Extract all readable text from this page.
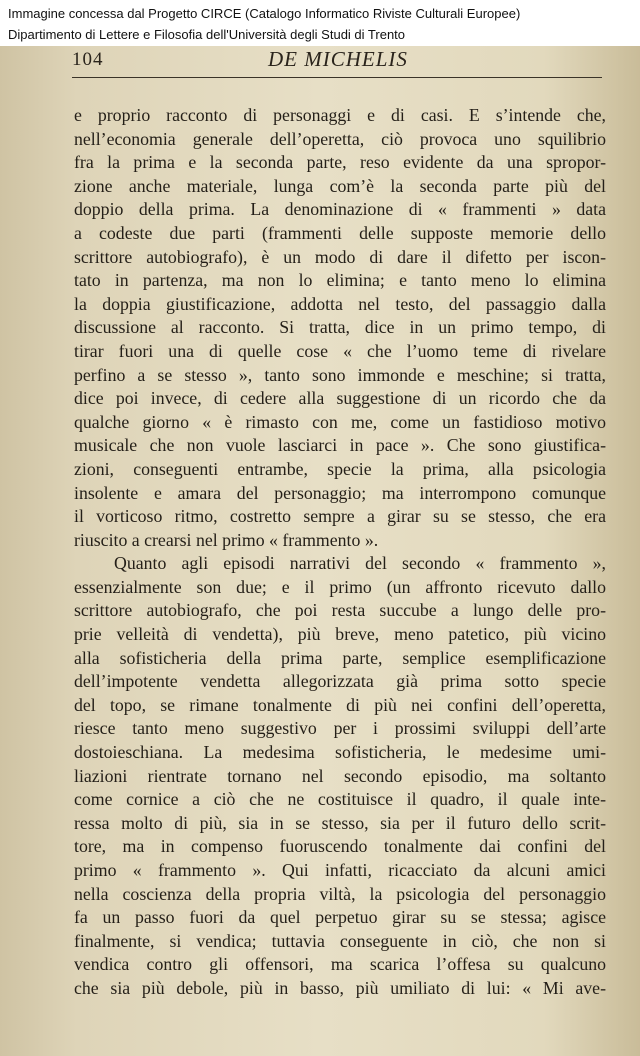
Immagine concessa dal Progetto CIRCE (Catalogo Informatico Riviste Culturali Europee)
Dipartimento di Lettere e Filosofia dell'Università degli Studi di Trento
104	DE MICHELIS
e proprio racconto di personaggi e di casi. E s’intende che,
nell’economia generale dell’operetta, ciò provoca uno squilibrio
fra la prima e la seconda parte, reso evidente da una spropor-
zione anche materiale, lunga com’è la seconda parte più del
doppio della prima. La denominazione di « frammenti » data
a codeste due parti (frammenti delle supposte memorie dello
scrittore autobiografo), è un modo di dare il difetto per iscon-
tato in partenza, ma non lo elimina; e tanto meno lo elimina
la doppia giustificazione, addotta nel testo, del passaggio dalla
discussione al racconto. Si tratta, dice in un primo tempo, di
tirar fuori una di quelle cose « che l’uomo teme di rivelare
perfino a se stesso », tanto sono immonde e meschine; si tratta,
dice poi invece, di cedere alla suggestione di un ricordo che da
qualche giorno « è rimasto con me, come un fastidioso motivo
musicale che non vuole lasciarci in pace ». Che sono giustifica-
zioni, conseguenti entrambe, specie la prima, alla psicologia
insolente e amara del personaggio; ma interrompono comunque
il vorticoso ritmo, costretto sempre a girar su se stesso, che era
riuscito a crearsi nel primo « frammento ».
Quanto agli episodi narrativi del secondo « frammento »,
essenzialmente son due; e il primo (un affronto ricevuto dallo
scrittore autobiografo, che poi resta succube a lungo delle pro-
prie velleità di vendetta), più breve, meno patetico, più vicino
alla sofisticheria della prima parte, semplice esemplificazione
dell’impotente vendetta allegorizzata già prima sotto specie
del topo, se rimane tonalmente di più nei confini dell’operetta,
riesce tanto meno suggestivo per i prossimi sviluppi dell’arte
dostoieschiana. La medesima sofisticheria, le medesime umi-
liazioni rientrate tornano nel secondo episodio, ma soltanto
come cornice a ciò che ne costituisce il quadro, il quale inte-
ressa molto di più, sia in se stesso, sia per il futuro dello scrit-
tore, ma in compenso fuoruscendo tonalmente dai confini del
primo « frammento ». Qui infatti, ricacciato da alcuni amici
nella coscienza della propria viltà, la psicologia del personaggio
fa un passo fuori da quel perpetuo girar su se stessa; agisce
finalmente, si vendica; tuttavia conseguente in ciò, che non si
vendica contro gli offensori, ma scarica l’offesa su qualcuno
che sia più debole, più in basso, più umiliato di lui: « Mi ave-
